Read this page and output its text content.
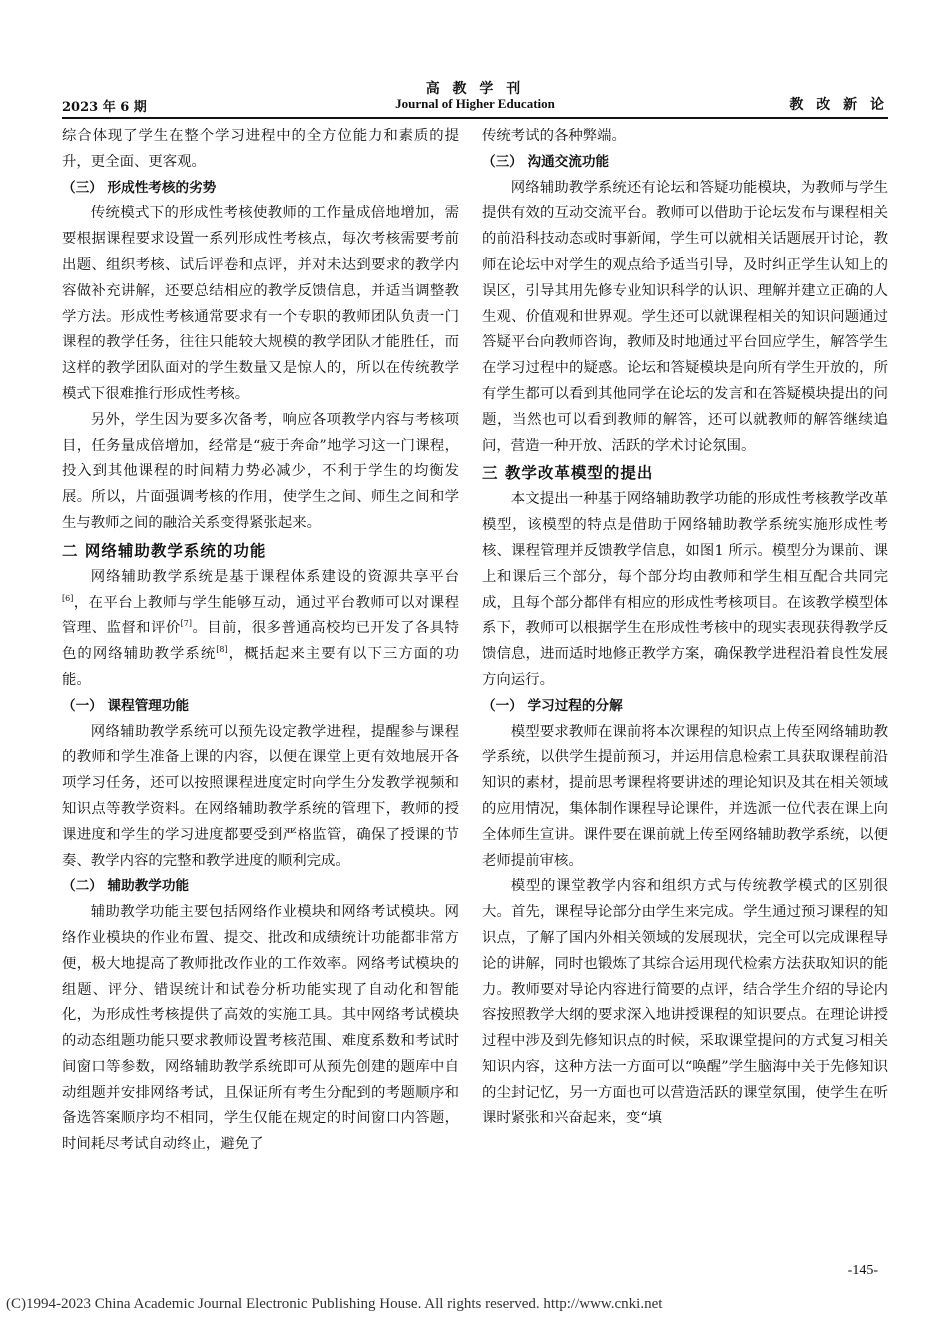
高 教 学 刊
2023 年 6 期	Journal of Higher Education	教 改 新 论

综合体现了学生在整个学习进程中的全方位能力和素质的提升，更全面、更客观。

（三） 形成性考核的劣势

传统模式下的形成性考核使教师的工作量成倍地增加，需要根据课程要求设置一系列形成性考核点，每次考核需要考前出题、组织考核、试后评卷和点评，并对未达到要求的教学内容做补充讲解，还要总结相应的教学反馈信息，并适当调整教学方法。形成性考核通常要求有一个专职的教师团队负责一门课程的教学任务，往往只能较大规模的教学团队才能胜任，而这样的教学团队面对的学生数量又是惊人的，所以在传统教学模式下很难推行形成性考核。

另外，学生因为要多次备考，响应各项教学内容与考核项目，任务量成倍增加，经常是“疲于奔命”地学习这一门课程，投入到其他课程的时间精力势必减少，不利于学生的均衡发展。所以，片面强调考核的作用，使学生之间、师生之间和学生与教师之间的融洽关系变得紧张起来。

二 网络辅助教学系统的功能

网络辅助教学系统是基于课程体系建设的资源共享平台[6]，在平台上教师与学生能够互动，通过平台教师可以对课程管理、监督和评价[7]。目前，很多普通高校均已开发了各具特色的网络辅助教学系统[8]，概括起来主要有以下三方面的功能。

（一） 课程管理功能

网络辅助教学系统可以预先设定教学进程，提醒参与课程的教师和学生准备上课的内容，以便在课堂上更有效地展开各项学习任务，还可以按照课程进度定时向学生分发教学视频和知识点等教学资料。在网络辅助教学系统的管理下，教师的授课进度和学生的学习进度都要受到严格监管，确保了授课的节奏、教学内容的完整和教学进度的顺利完成。

（二） 辅助教学功能

辅助教学功能主要包括网络作业模块和网络考试模块。网络作业模块的作业布置、提交、批改和成绩统计功能都非常方便，极大地提高了教师批改作业的工作效率。网络考试模块的组题、评分、错误统计和试卷分析功能实现了自动化和智能化，为形成性考核提供了高效的实施工具。其中网络考试模块的动态组题功能只要求教师设置考核范围、难度系数和考试时间窗口等参数，网络辅助教学系统即可从预先创建的题库中自动组题并安排网络考试，且保证所有考生分配到的考题顺序和备选答案顺序均不相同，学生仅能在规定的时间窗口内答题，时间耗尽考试自动终止，避免了

传统考试的各种弊端。

（三） 沟通交流功能

网络辅助教学系统还有论坛和答疑功能模块，为教师与学生提供有效的互动交流平台。教师可以借助于论坛发布与课程相关的前沿科技动态或时事新闻，学生可以就相关话题展开讨论，教师在论坛中对学生的观点给予适当引导，及时纠正学生认知上的误区，引导其用先修专业知识科学的认识、理解并建立正确的人生观、价值观和世界观。学生还可以就课程相关的知识问题通过答疑平台向教师咨询，教师及时地通过平台回应学生，解答学生在学习过程中的疑惑。论坛和答疑模块是向所有学生开放的，所有学生都可以看到其他同学在论坛的发言和在答疑模块提出的问题，当然也可以看到教师的解答，还可以就教师的解答继续追问，营造一种开放、活跃的学术讨论氛围。

三 教学改革模型的提出

本文提出一种基于网络辅助教学功能的形成性考核教学改革模型，该模型的特点是借助于网络辅助教学系统实施形成性考核、课程管理并反馈教学信息，如图1 所示。模型分为课前、课上和课后三个部分，每个部分均由教师和学生相互配合共同完成，且每个部分都伴有相应的形成性考核项目。在该教学模型体系下，教师可以根据学生在形成性考核中的现实表现获得教学反馈信息，进而适时地修正教学方案，确保教学进程沿着良性发展方向运行。

（一） 学习过程的分解

模型要求教师在课前将本次课程的知识点上传至网络辅助教学系统，以供学生提前预习，并运用信息检索工具获取课程前沿知识的素材，提前思考课程将要讲述的理论知识及其在相关领域的应用情况，集体制作课程导论课件，并选派一位代表在课上向全体师生宣讲。课件要在课前就上传至网络辅助教学系统，以便老师提前审核。

模型的课堂教学内容和组织方式与传统教学模式的区别很大。首先，课程导论部分由学生来完成。学生通过预习课程的知识点，了解了国内外相关领域的发展现状，完全可以完成课程导论的讲解，同时也锻炼了其综合运用现代检索方法获取知识的能力。教师要对导论内容进行简要的点评，结合学生介绍的导论内容按照教学大纲的要求深入地讲授课程的知识要点。在理论讲授过程中涉及到先修知识点的时候，采取课堂提问的方式复习相关知识内容，这种方法一方面可以“唤醒”学生脑海中关于先修知识的尘封记忆，另一方面也可以营造活跃的课堂氛围，使学生在听课时紧张和兴奋起来，变“填

-145-
(C)1994-2023 China Academic Journal Electronic Publishing House. All rights reserved. http://www.cnki.net
